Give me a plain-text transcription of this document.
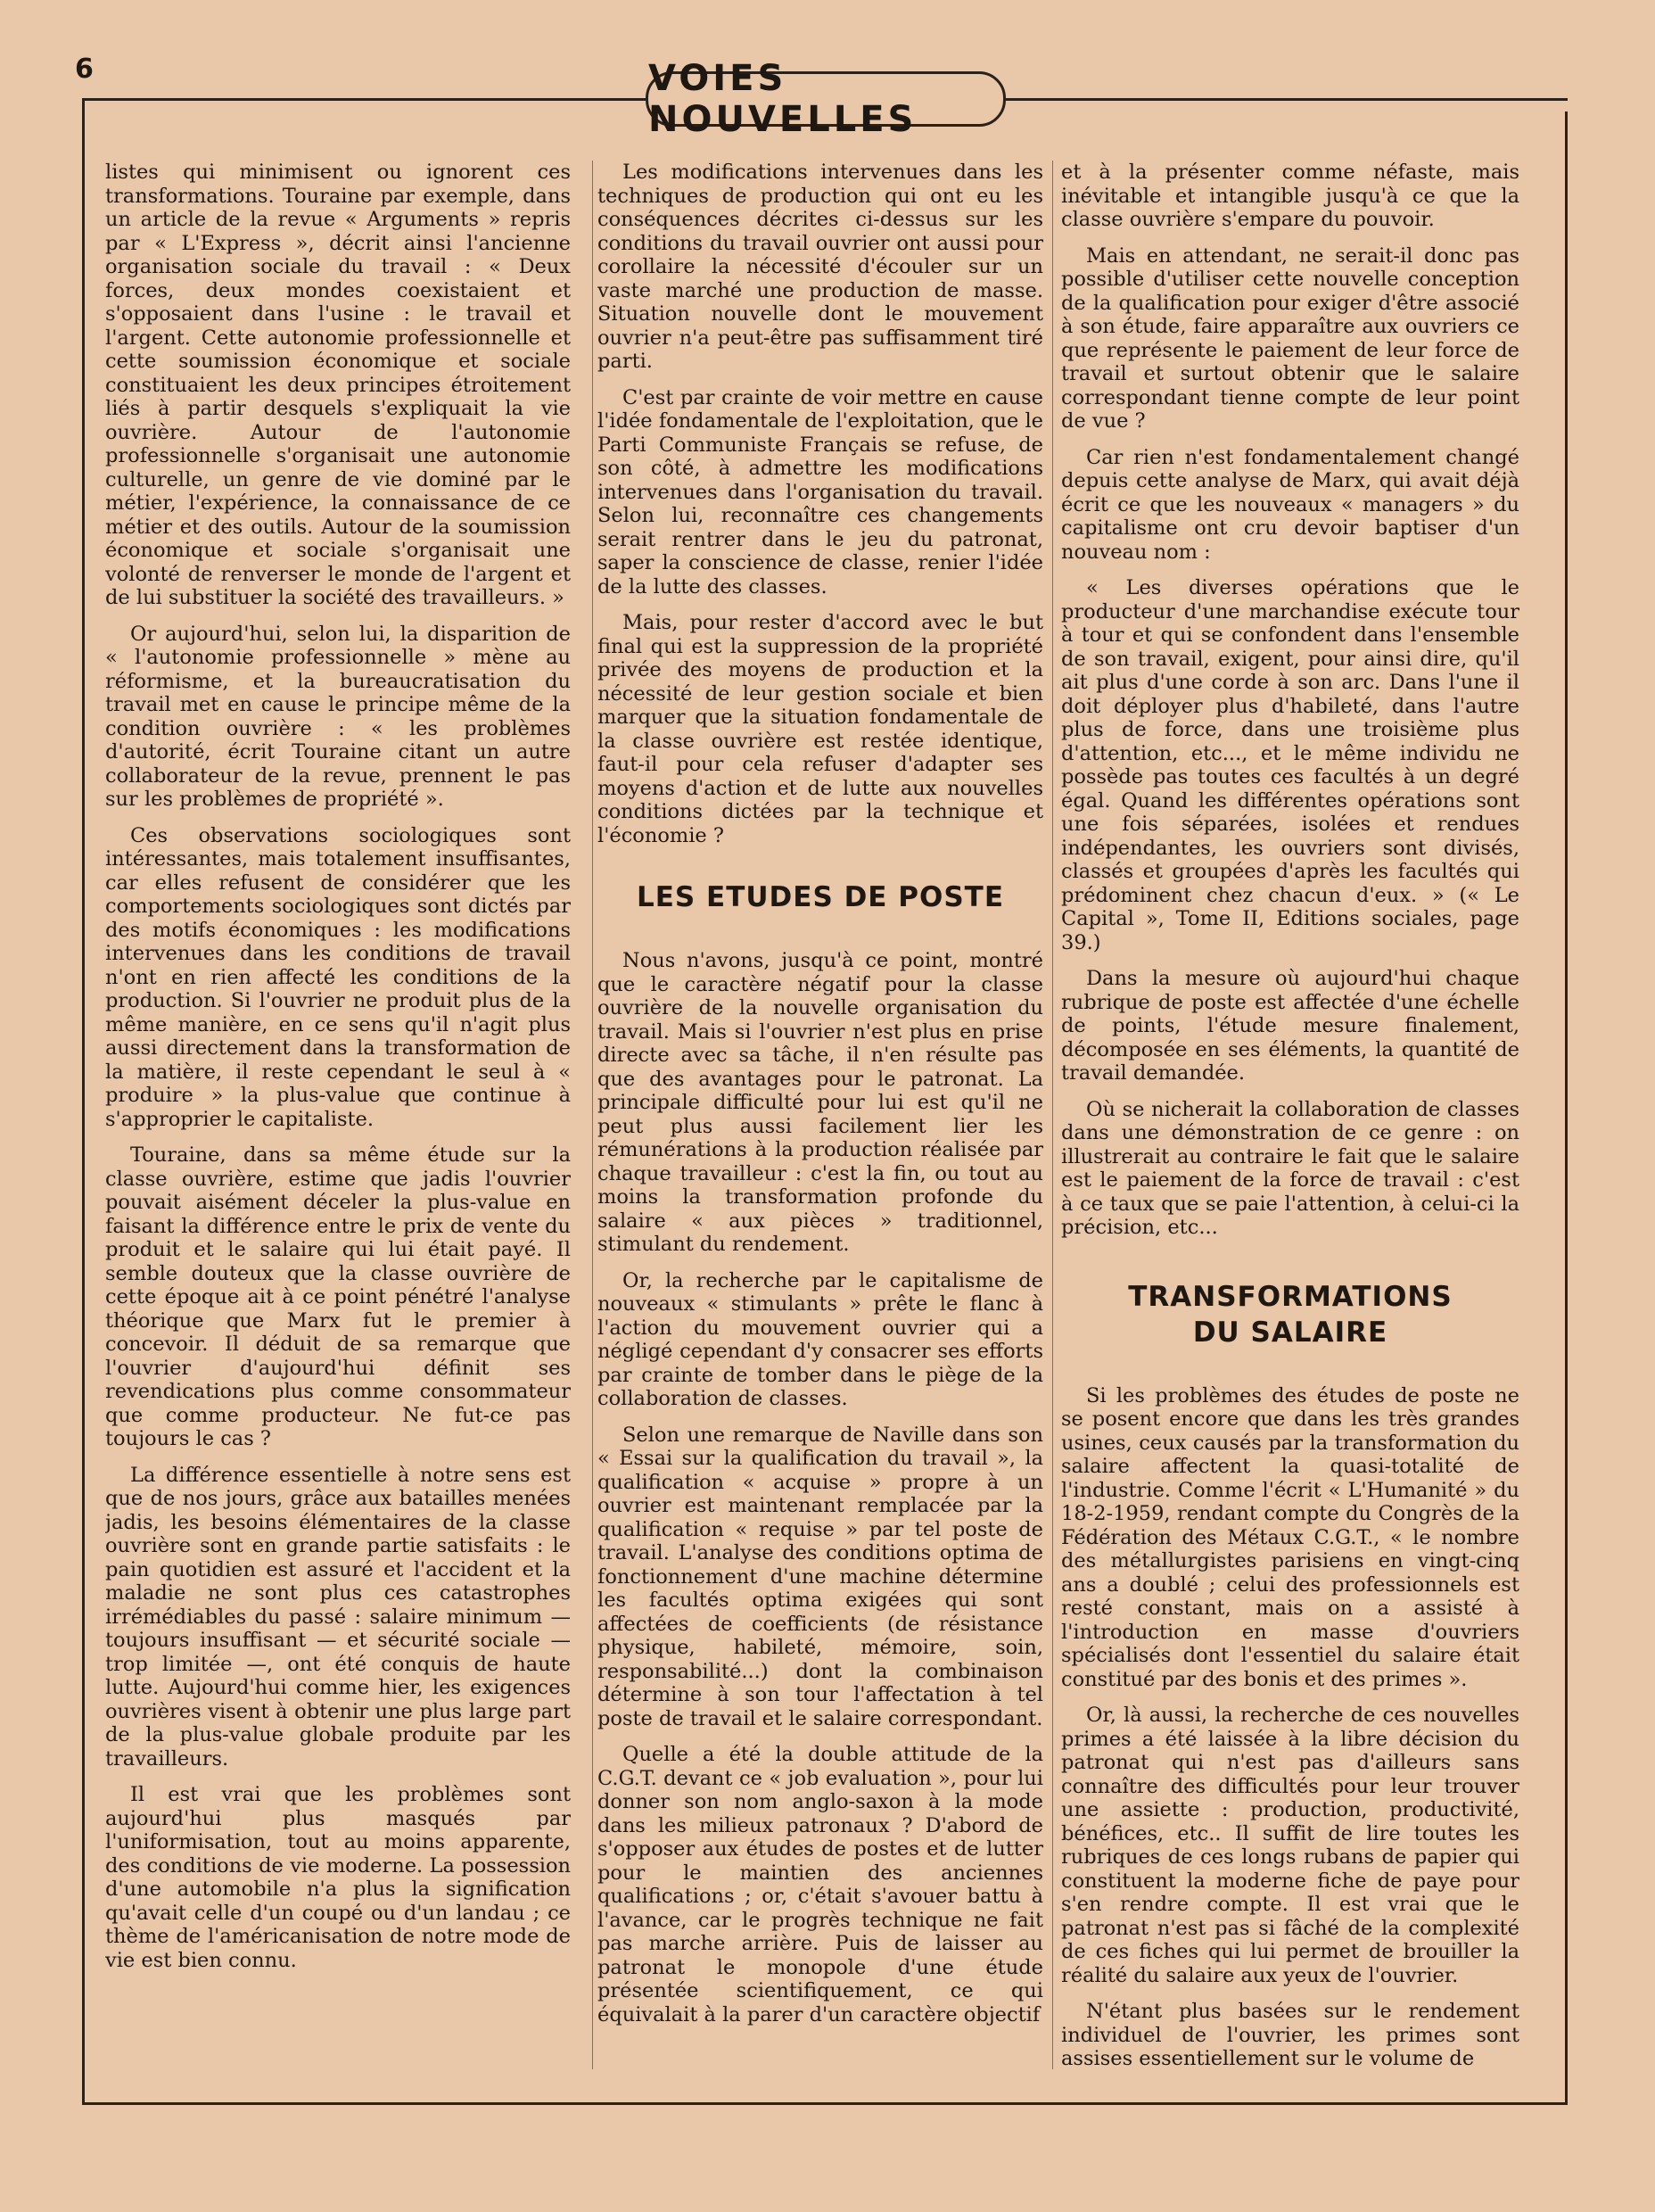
6	VOIES NOUVELLES

listes qui minimisent ou ignorent ces transformations. Touraine par exemple, dans un article de la revue « Arguments » repris par « L'Express », décrit ainsi l'ancienne organisation sociale du travail : « Deux forces, deux mondes coexistaient et s'opposaient dans l'usine : le travail et l'argent. Cette autonomie professionnelle et cette soumission économique et sociale constituaient les deux principes étroitement liés à partir desquels s'expliquait la vie ouvrière. Autour de l'autonomie professionnelle s'organisait une autonomie culturelle, un genre de vie dominé par le métier, l'expérience, la connaissance de ce métier et des outils. Autour de la soumission économique et sociale s'organisait une volonté de renverser le monde de l'argent et de lui substituer la société des travailleurs. »

Or aujourd'hui, selon lui, la disparition de « l'autonomie professionnelle » mène au réformisme, et la bureaucratisation du travail met en cause le principe même de la condition ouvrière : « les problèmes d'autorité, écrit Touraine citant un autre collaborateur de la revue, prennent le pas sur les problèmes de propriété ».

Ces observations sociologiques sont intéressantes, mais totalement insuffisantes, car elles refusent de considérer que les comportements sociologiques sont dictés par des motifs économiques : les modifications intervenues dans les conditions de travail n'ont en rien affecté les conditions de la production. Si l'ouvrier ne produit plus de la même manière, en ce sens qu'il n'agit plus aussi directement dans la transformation de la matière, il reste cependant le seul à « produire » la plus-value que continue à s'approprier le capitaliste.

Touraine, dans sa même étude sur la classe ouvrière, estime que jadis l'ouvrier pouvait aisément déceler la plus-value en faisant la différence entre le prix de vente du produit et le salaire qui lui était payé. Il semble douteux que la classe ouvrière de cette époque ait à ce point pénétré l'analyse théorique que Marx fut le premier à concevoir. Il déduit de sa remarque que l'ouvrier d'aujourd'hui définit ses revendications plus comme consommateur que comme producteur. Ne fut-ce pas toujours le cas ?

La différence essentielle à notre sens est que de nos jours, grâce aux batailles menées jadis, les besoins élémentaires de la classe ouvrière sont en grande partie satisfaits : le pain quotidien est assuré et l'accident et la maladie ne sont plus ces catastrophes irrémédiables du passé : salaire minimum — toujours insuffisant — et sécurité sociale — trop limitée —, ont été conquis de haute lutte. Aujourd'hui comme hier, les exigences ouvrières visent à obtenir une plus large part de la plus-value globale produite par les travailleurs.

Il est vrai que les problèmes sont aujourd'hui plus masqués par l'uniformisation, tout au moins apparente, des conditions de vie moderne. La possession d'une automobile n'a plus la signification qu'avait celle d'un coupé ou d'un landau ; ce thème de l'américanisation de notre mode de vie est bien connu.

Les modifications intervenues dans les techniques de production qui ont eu les conséquences décrites ci-dessus sur les conditions du travail ouvrier ont aussi pour corollaire la nécessité d'écouler sur un vaste marché une production de masse. Situation nouvelle dont le mouvement ouvrier n'a peut-être pas suffisamment tiré parti.

C'est par crainte de voir mettre en cause l'idée fondamentale de l'exploitation, que le Parti Communiste Français se refuse, de son côté, à admettre les modifications intervenues dans l'organisation du travail. Selon lui, reconnaître ces changements serait rentrer dans le jeu du patronat, saper la conscience de classe, renier l'idée de la lutte des classes.

Mais, pour rester d'accord avec le but final qui est la suppression de la propriété privée des moyens de production et la nécessité de leur gestion sociale et bien marquer que la situation fondamentale de la classe ouvrière est restée identique, faut-il pour cela refuser d'adapter ses moyens d'action et de lutte aux nouvelles conditions dictées par la technique et l'économie ?

LES ETUDES DE POSTE

Nous n'avons, jusqu'à ce point, montré que le caractère négatif pour la classe ouvrière de la nouvelle organisation du travail. Mais si l'ouvrier n'est plus en prise directe avec sa tâche, il n'en résulte pas que des avantages pour le patronat. La principale difficulté pour lui est qu'il ne peut plus aussi facilement lier les rémunérations à la production réalisée par chaque travailleur : c'est la fin, ou tout au moins la transformation profonde du salaire « aux pièces » traditionnel, stimulant du rendement.

Or, la recherche par le capitalisme de nouveaux « stimulants » prête le flanc à l'action du mouvement ouvrier qui a négligé cependant d'y consacrer ses efforts par crainte de tomber dans le piège de la collaboration de classes.

Selon une remarque de Naville dans son « Essai sur la qualification du travail », la qualification « acquise » propre à un ouvrier est maintenant remplacée par la qualification « requise » par tel poste de travail. L'analyse des conditions optima de fonctionnement d'une machine détermine les facultés optima exigées qui sont affectées de coefficients (de résistance physique, habileté, mémoire, soin, responsabilité...) dont la combinaison détermine à son tour l'affectation à tel poste de travail et le salaire correspondant.

Quelle a été la double attitude de la C.G.T. devant ce « job evaluation », pour lui donner son nom anglo-saxon à la mode dans les milieux patronaux ? D'abord de s'opposer aux études de postes et de lutter pour le maintien des anciennes qualifications ; or, c'était s'avouer battu à l'avance, car le progrès technique ne fait pas marche arrière. Puis de laisser au patronat le monopole d'une étude présentée scientifiquement, ce qui équivalait à la parer d'un caractère objectif

et à la présenter comme néfaste, mais inévitable et intangible jusqu'à ce que la classe ouvrière s'empare du pouvoir.

Mais en attendant, ne serait-il donc pas possible d'utiliser cette nouvelle conception de la qualification pour exiger d'être associé à son étude, faire apparaître aux ouvriers ce que représente le paiement de leur force de travail et surtout obtenir que le salaire correspondant tienne compte de leur point de vue ?

Car rien n'est fondamentalement changé depuis cette analyse de Marx, qui avait déjà écrit ce que les nouveaux « managers » du capitalisme ont cru devoir baptiser d'un nouveau nom :

« Les diverses opérations que le producteur d'une marchandise exécute tour à tour et qui se confondent dans l'ensemble de son travail, exigent, pour ainsi dire, qu'il ait plus d'une corde à son arc. Dans l'une il doit déployer plus d'habileté, dans l'autre plus de force, dans une troisième plus d'attention, etc..., et le même individu ne possède pas toutes ces facultés à un degré égal. Quand les différentes opérations sont une fois séparées, isolées et rendues indépendantes, les ouvriers sont divisés, classés et groupées d'après les facultés qui prédominent chez chacun d'eux. » (« Le Capital », Tome II, Editions sociales, page 39.)

Dans la mesure où aujourd'hui chaque rubrique de poste est affectée d'une échelle de points, l'étude mesure finalement, décomposée en ses éléments, la quantité de travail demandée.

Où se nicherait la collaboration de classes dans une démonstration de ce genre : on illustrerait au contraire le fait que le salaire est le paiement de la force de travail : c'est à ce taux que se paie l'attention, à celui-ci la précision, etc...

TRANSFORMATIONS
DU SALAIRE

Si les problèmes des études de poste ne se posent encore que dans les très grandes usines, ceux causés par la transformation du salaire affectent la quasi-totalité de l'industrie. Comme l'écrit « L'Humanité » du 18-2-1959, rendant compte du Congrès de la Fédération des Métaux C.G.T., « le nombre des métallurgistes parisiens en vingt-cinq ans a doublé ; celui des professionnels est resté constant, mais on a assisté à l'introduction en masse d'ouvriers spécialisés dont l'essentiel du salaire était constitué par des bonis et des primes ».

Or, là aussi, la recherche de ces nouvelles primes a été laissée à la libre décision du patronat qui n'est pas d'ailleurs sans connaître des difficultés pour leur trouver une assiette : production, productivité, bénéfices, etc.. Il suffit de lire toutes les rubriques de ces longs rubans de papier qui constituent la moderne fiche de paye pour s'en rendre compte. Il est vrai que le patronat n'est pas si fâché de la complexité de ces fiches qui lui permet de brouiller la réalité du salaire aux yeux de l'ouvrier.

N'étant plus basées sur le rendement individuel de l'ouvrier, les primes sont assises essentiellement sur le volume de
